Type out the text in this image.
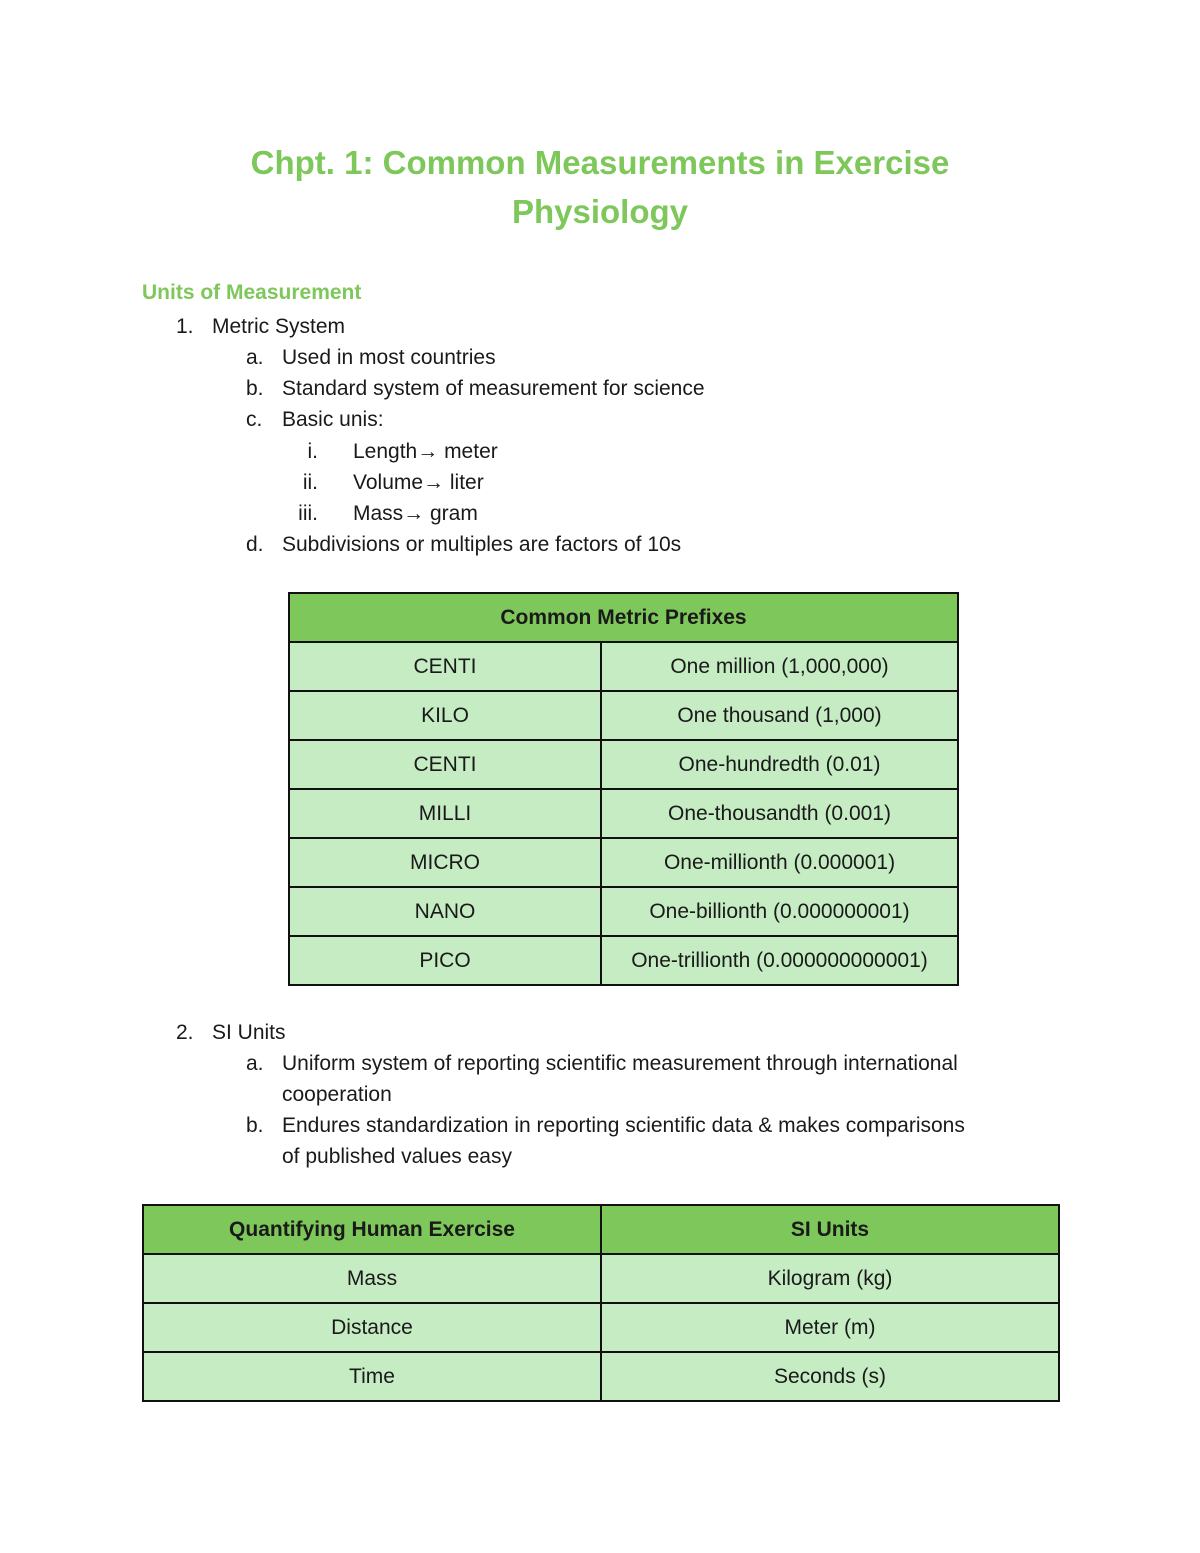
Chpt. 1: Common Measurements in Exercise
Physiology
Units of Measurement
1. Metric System
a. Used in most countries
b. Standard system of measurement for science
c. Basic unis:
i. Length→ meter
ii. Volume→ liter
iii. Mass→ gram
d. Subdivisions or multiples are factors of 10s
Common Metric Prefixes	
CENTI	One million (1,000,000)
KILO	One thousand (1,000)
CENTI	One-hundredth (0.01)
MILLI	One-thousandth (0.001)
MICRO	One-millionth (0.000001)
NANO	One-billionth (0.000000001)
PICO	One-trillionth (0.000000000001)
2. SI Units
a. Uniform system of reporting scientific measurement through international
cooperation
b. Endures standardization in reporting scientific data & makes comparisons
of published values easy
Quantifying Human Exercise	SI Units
Mass	Kilogram (kg)
Distance	Meter (m)
Time	Seconds (s)
